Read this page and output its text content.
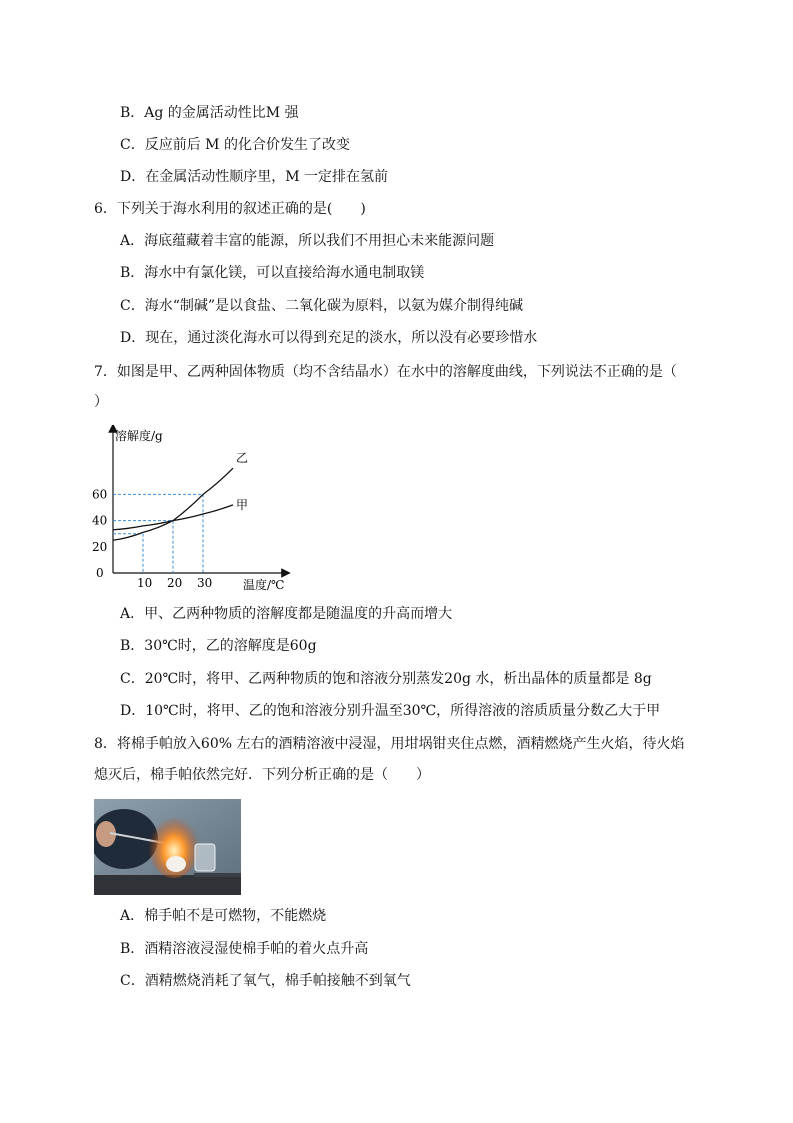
B．Ag 的金属活动性比M 强
C．反应前后 M 的化合价发生了改变
D．在金属活动性顺序里，M 一定排在氢前
6．下列关于海水利用的叙述正确的是(　　)
A．海底蕴藏着丰富的能源，所以我们不用担心未来能源问题
B．海水中有氯化镁，可以直接给海水通电制取镁
C．海水“制碱”是以食盐、二氧化碳为原料，以氨为媒介制得纯碱
D．现在，通过淡化海水可以得到充足的淡水，所以没有必要珍惜水
7．如图是甲、乙两种固体物质（均不含结晶水）在水中的溶解度曲线，下列说法不正确的是（
）
溶解度/g
温度/℃
0
甲
乙
10 20 30
20
40
60
A．甲、乙两种物质的溶解度都是随温度的升高而增大
B．30℃时，乙的溶解度是60g
C．20℃时，将甲、乙两种物质的饱和溶液分别蒸发20g 水，析出晶体的质量都是 8g
D．10℃时，将甲、乙的饱和溶液分别升温至30℃，所得溶液的溶质质量分数乙大于甲
8．将棉手帕放入60% 左右的酒精溶液中浸湿，用坩埚钳夹住点燃，酒精燃烧产生火焰，待火焰
熄灭后，棉手帕依然完好．下列分析正确的是（　　）
A．棉手帕不是可燃物，不能燃烧
B．酒精溶液浸湿使棉手帕的着火点升高
C．酒精燃烧消耗了氧气，棉手帕接触不到氧气
